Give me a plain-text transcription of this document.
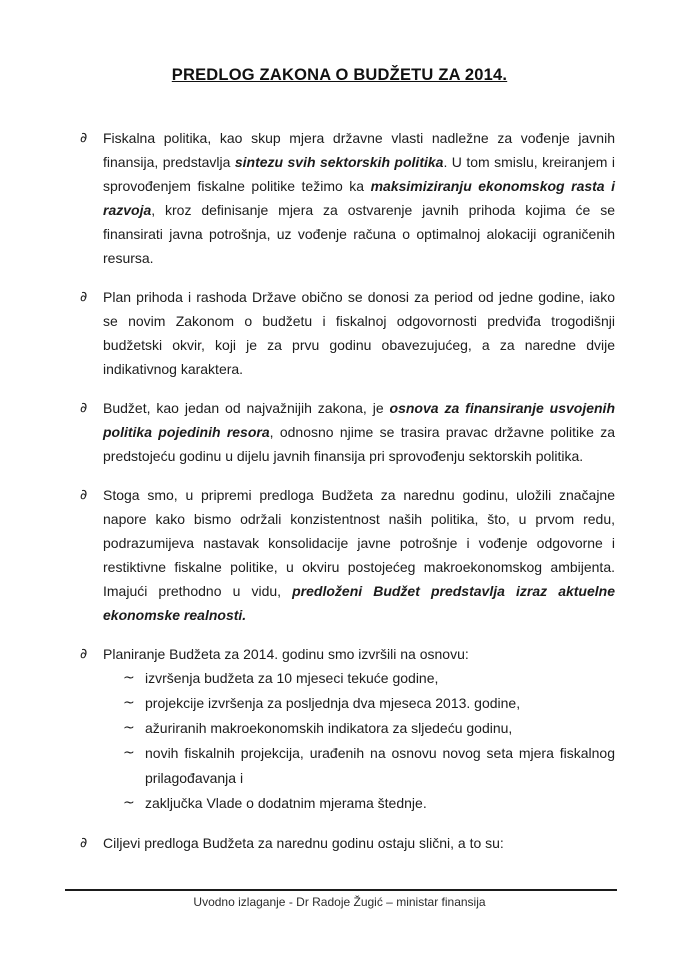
PREDLOG ZAKONA O BUDŽETU ZA 2014.
∂ Fiskalna politika, kao skup mjera državne vlasti nadležne za vođenje javnih finansija, predstavlja sintezu svih sektorskih politika. U tom smislu, kreiranjem i sprovođenjem fiskalne politike težimo ka maksimiziranju ekonomskog rasta i razvoja, kroz definisanje mjera za ostvarenje javnih prihoda kojima će se finansirati javna potrošnja, uz vođenje računa o optimalnoj alokaciji ograničenih resursa.
∂ Plan prihoda i rashoda Države obično se donosi za period od jedne godine, iako se novim Zakonom o budžetu i fiskalnoj odgovornosti predviđa trogodišnji budžetski okvir, koji je za prvu godinu obavezujućeg, a za naredne dvije indikativnog karaktera.
∂ Budžet, kao jedan od najvažnijih zakona, je osnova za finansiranje usvojenih politika pojedinih resora, odnosno njime se trasira pravac državne politike za predstojeću godinu u dijelu javnih finansija pri sprovođenju sektorskih politika.
∂ Stoga smo, u pripremi predloga Budžeta za narednu godinu, uložili značajne napore kako bismo održali konzistentnost naših politika, što, u prvom redu, podrazumijeva nastavak konsolidacije javne potrošnje i vođenje odgovorne i restiktivne fiskalne politike, u okviru postojećeg makroekonomskog ambijenta. Imajući prethodno u vidu, predloženi Budžet predstavlja izraz aktuelne ekonomske realnosti.
∂ Planiranje Budžeta za 2014. godinu smo izvršili na osnovu:
~ izvršenja budžeta za 10 mjeseci tekuće godine,
~ projekcije izvršenja za posljednja dva mjeseca 2013. godine,
~ ažuriranih makroekonomskih indikatora za sljedeću godinu,
~ novih fiskalnih projekcija, urađenih na osnovu novog seta mjera fiskalnog prilagođavanja i
~ zaključka Vlade o dodatnim mjerama štednje.
∂ Ciljevi predloga Budžeta za narednu godinu ostaju slični, a to su:
Uvodno izlaganje - Dr Radoje Žugić – ministar finansija
